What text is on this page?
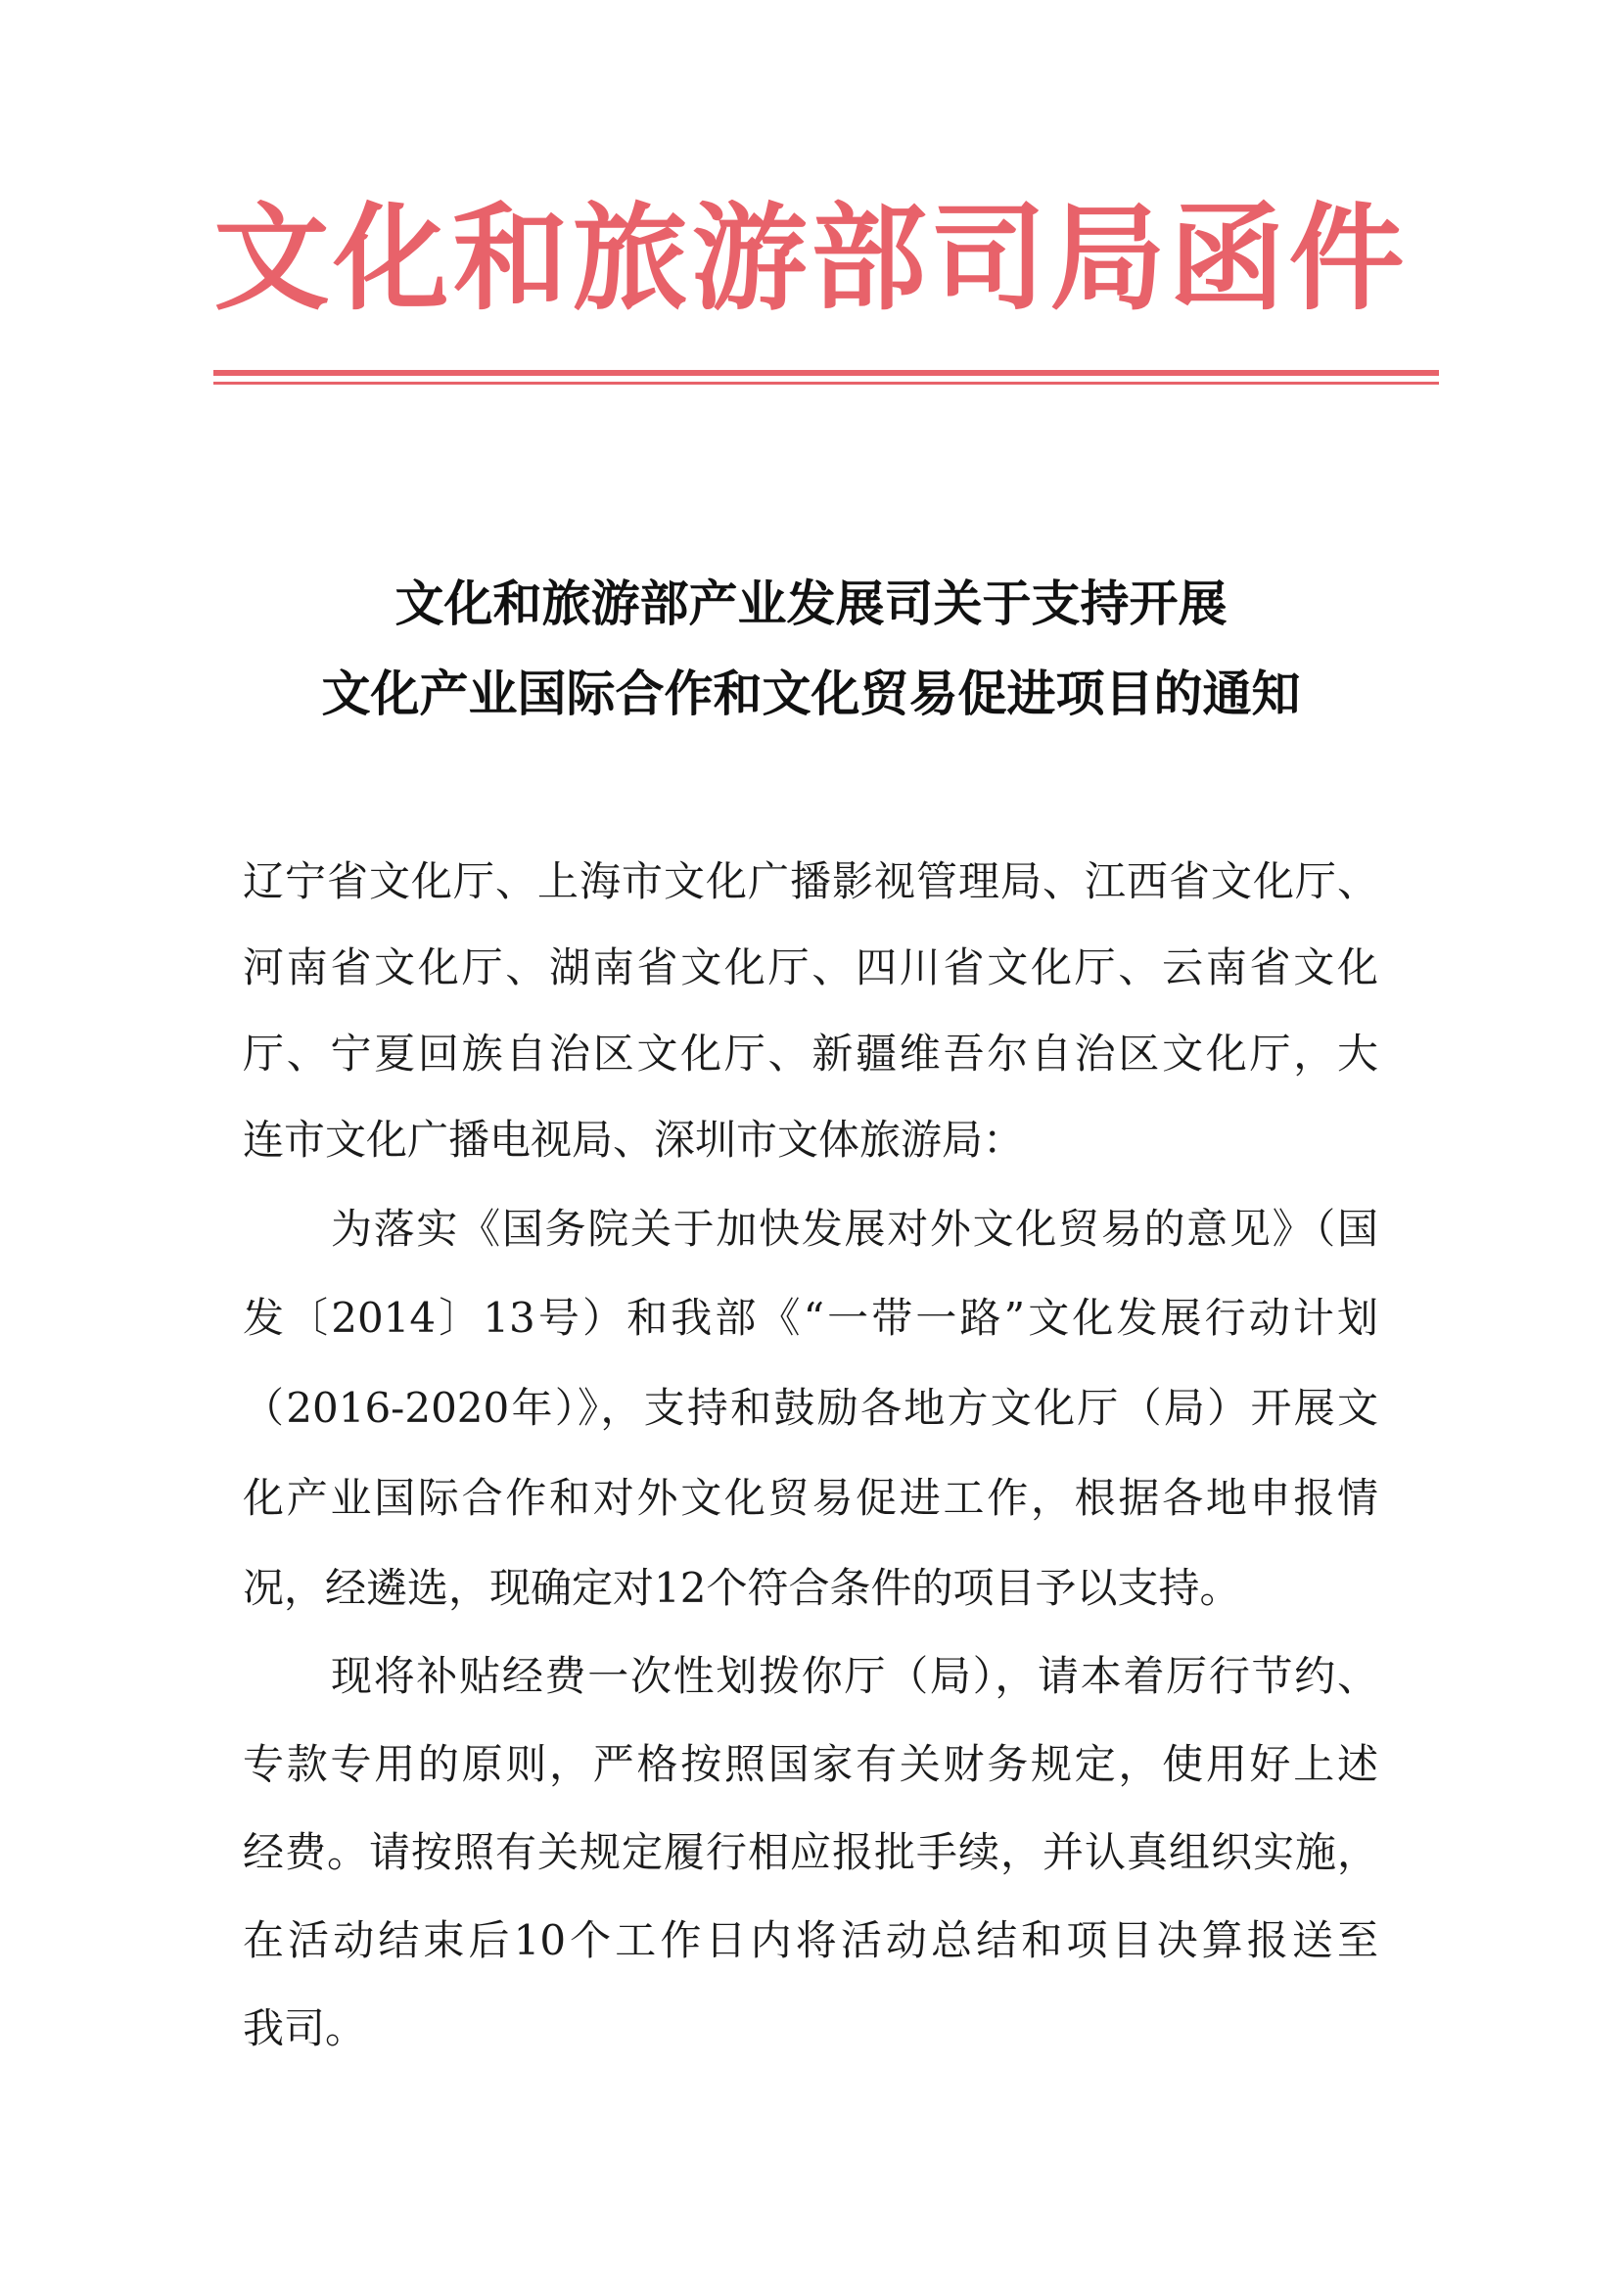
文化和旅游部司局函件
文化和旅游部产业发展司关于支持开展
文化产业国际合作和文化贸易促进项目的通知
辽宁省文化厅、上海市文化广播影视管理局、江西省文化厅、
河南省文化厅、湖南省文化厅、四川省文化厅、云南省文化
厅、宁夏回族自治区文化厅、新疆维吾尔自治区文化厅，大
连市文化广播电视局、深圳市文体旅游局：
为落实《国务院关于加快发展对外文化贸易的意见》（国
发〔2014〕13号）和我部《“一带一路”文化发展行动计划
（2016-2020年）》，支持和鼓励各地方文化厅（局）开展文
化产业国际合作和对外文化贸易促进工作，根据各地申报情
况，经遴选，现确定对12个符合条件的项目予以支持。
现将补贴经费一次性划拨你厅（局），请本着厉行节约、
专款专用的原则，严格按照国家有关财务规定，使用好上述
经费。请按照有关规定履行相应报批手续，并认真组织实施，
在活动结束后10个工作日内将活动总结和项目决算报送至
我司。
